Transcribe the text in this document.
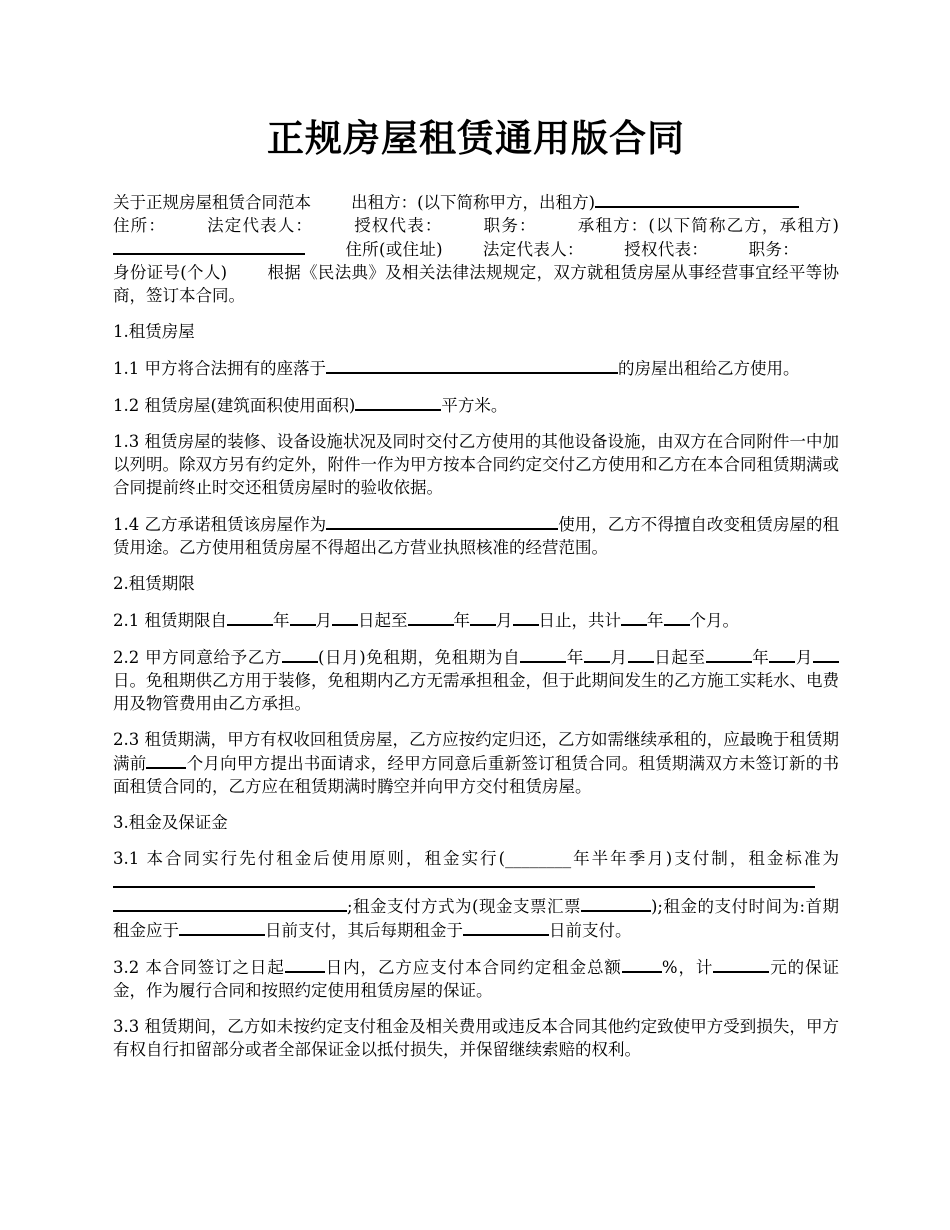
正规房屋租赁通用版合同

关于正规房屋租赁合同范本 出租方：(以下简称甲方，出租方)住所： 法定代表人： 授权代表： 职务： 承租方：(以下简称乙方，承租方)住所(或住址) 法定代表人： 授权代表： 职务：身份证号(个人) 根据《民法典》及相关法律法规规定，双方就租赁房屋从事经营事宜经平等协商，签订本合同。

1.租赁房屋

1.1 甲方将合法拥有的座落于	的房屋出租给乙方使用。

1.2 租赁房屋(建筑面积使用面积)	平方米。

1.3 租赁房屋的装修、设备设施状况及同时交付乙方使用的其他设备设施，由双方在合同附件一中加以列明。除双方另有约定外，附件一作为甲方按本合同约定交付乙方使用和乙方在本合同租赁期满或合同提前终止时交还租赁房屋时的验收依据。

1.4 乙方承诺租赁该房屋作为	使用，乙方不得擅自改变租赁房屋的租赁用途。乙方使用租赁房屋不得超出乙方营业执照核准的经营范围。

2.租赁期限

2.1 租赁期限自	年 月 日起至	年 月 日止，共计 年 个月。

2.2 甲方同意给予乙方 (日月)免租期，免租期为自	年 月 日起至	年 月日。免租期供乙方用于装修，免租期内乙方无需承担租金，但于此期间发生的乙方施工实耗水、电费用及物管费用由乙方承担。

2.3 租赁期满，甲方有权收回租赁房屋，乙方应按约定归还，乙方如需继续承租的，应最晚于租赁期满前 个月向甲方提出书面请求，经甲方同意后重新签订租赁合同。租赁期满双方未签订新的书面租赁合同的，乙方应在租赁期满时腾空并向甲方交付租赁房屋。

3.租金及保证金

3.1 本合同实行先付租金后使用原则，租金实行(________年半年季月)支付制，租金标准为;租金支付方式为(现金支票汇票	);租金的支付时间为:首期租金应于	日前支付，其后每期租金于	日前支付。

3.2 本合同签订之日起 日内，乙方应支付本合同约定租金总额 %，计	元的保证金，作为履行合同和按照约定使用租赁房屋的保证。

3.3 租赁期间，乙方如未按约定支付租金及相关费用或违反本合同其他约定致使甲方受到损失，甲方有权自行扣留部分或者全部保证金以抵付损失，并保留继续索赔的权利。
